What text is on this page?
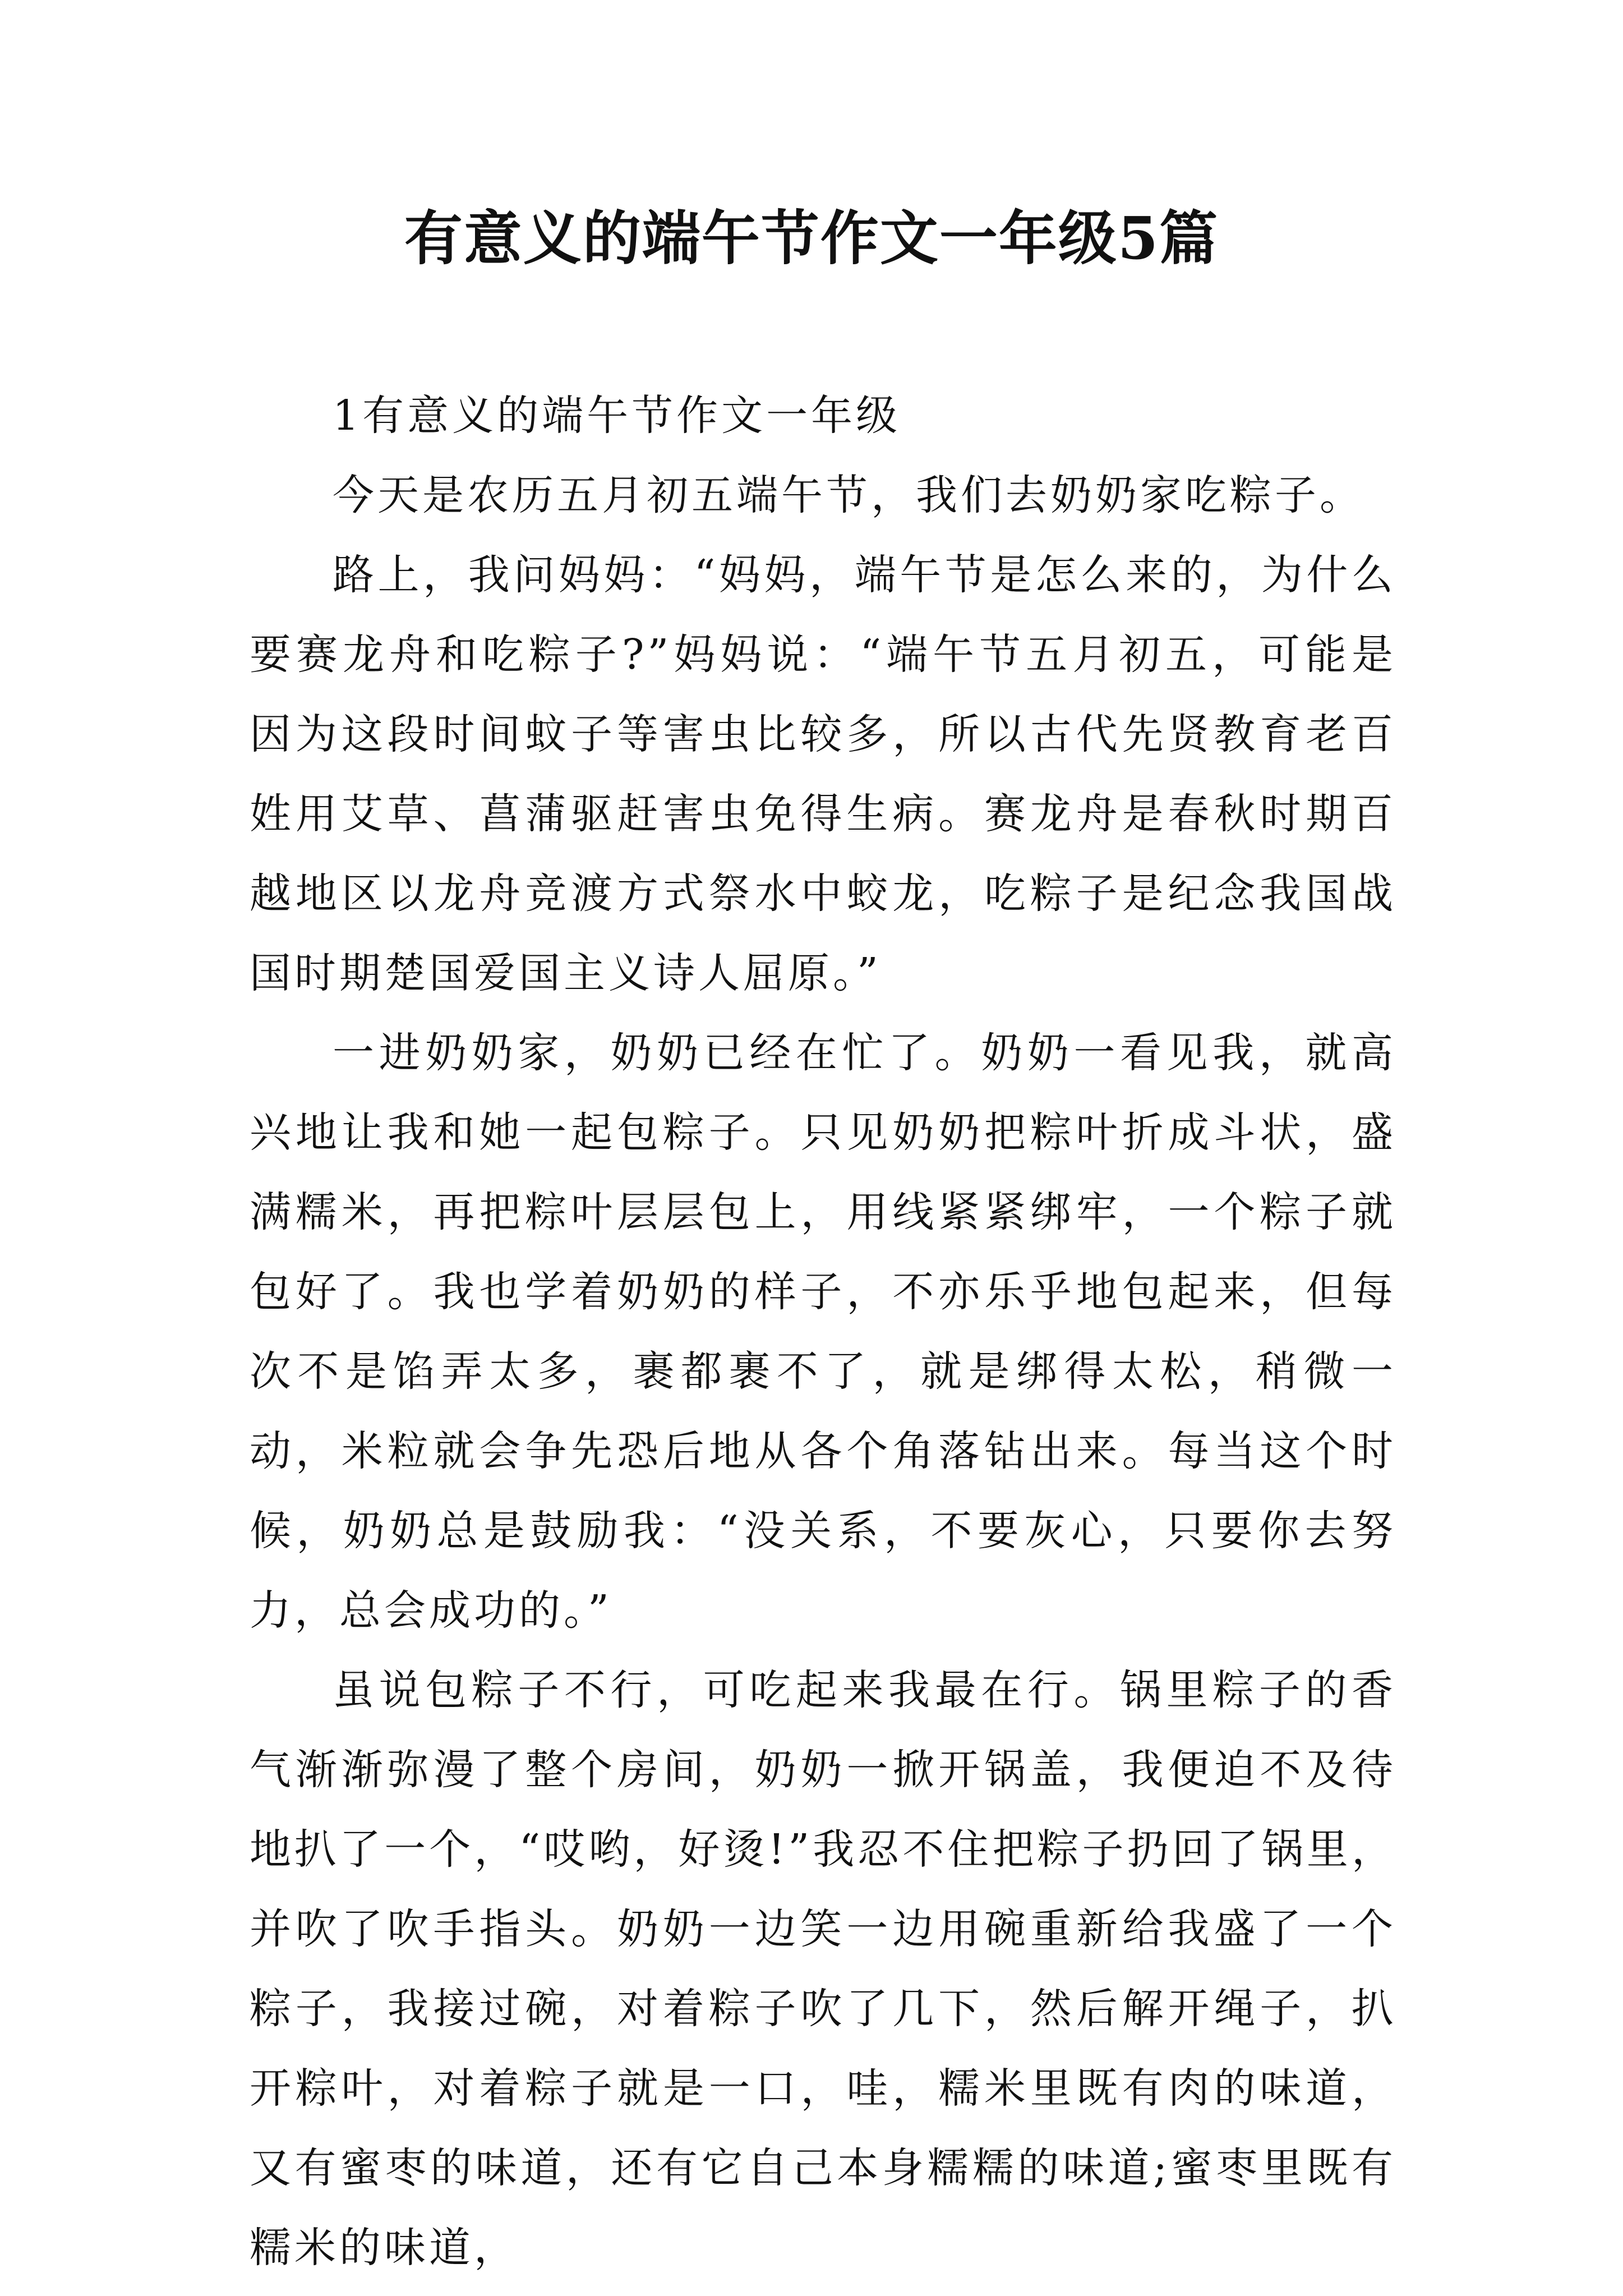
有意义的端午节作文一年级5篇

1有意义的端午节作文一年级

今天是农历五月初五端午节，我们去奶奶家吃粽子。

路上，我问妈妈：“妈妈，端午节是怎么来的，为什么要赛龙舟和吃粽子?”妈妈说：“端午节五月初五，可能是因为这段时间蚊子等害虫比较多，所以古代先贤教育老百姓用艾草、菖蒲驱赶害虫免得生病。赛龙舟是春秋时期百越地区以龙舟竞渡方式祭水中蛟龙，吃粽子是纪念我国战国时期楚国爱国主义诗人屈原。”

一进奶奶家，奶奶已经在忙了。奶奶一看见我，就高兴地让我和她一起包粽子。只见奶奶把粽叶折成斗状，盛满糯米，再把粽叶层层包上，用线紧紧绑牢，一个粽子就包好了。我也学着奶奶的样子，不亦乐乎地包起来，但每次不是馅弄太多，裹都裹不了，就是绑得太松，稍微一动，米粒就会争先恐后地从各个角落钻出来。每当这个时候，奶奶总是鼓励我：“没关系，不要灰心，只要你去努力，总会成功的。”

虽说包粽子不行，可吃起来我最在行。锅里粽子的香气渐渐弥漫了整个房间，奶奶一掀开锅盖，我便迫不及待地扒了一个，“哎哟，好烫!”我忍不住把粽子扔回了锅里，并吹了吹手指头。奶奶一边笑一边用碗重新给我盛了一个粽子，我接过碗，对着粽子吹了几下，然后解开绳子，扒开粽叶，对着粽子就是一口，哇，糯米里既有肉的味道，又有蜜枣的味道，还有它自己本身糯糯的味道;蜜枣里既有糯米的味道，
